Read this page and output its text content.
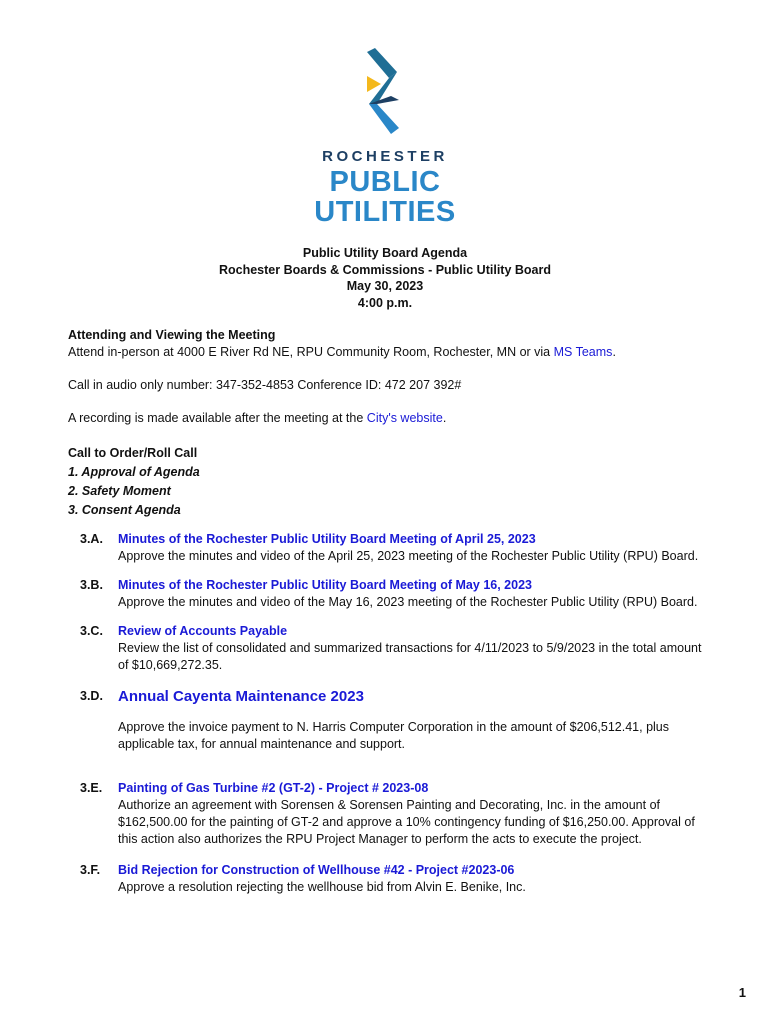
ROCHESTER
PUBLIC
UTILITIES
Public Utility Board Agenda
Rochester Boards & Commissions - Public Utility Board
May 30, 2023
4:00 p.m.

Attending and Viewing the Meeting

Attend in-person at 4000 E River Rd NE, RPU Community Room, Rochester, MN or via MS Teams.

Call in audio only number: 347-352-4853 Conference ID: 472 207 392#

A recording is made available after the meeting at the City's website.

Call to Order/Roll Call

1. Approval of Agenda
2. Safety Moment
3. Consent Agenda
3.A. Minutes of the Rochester Public Utility Board Meeting of April 25, 2023
Approve the minutes and video of the April 25, 2023 meeting of the Rochester Public Utility (RPU) Board.
3.B. Minutes of the Rochester Public Utility Board Meeting of May 16, 2023
Approve the minutes and video of the May 16, 2023 meeting of the Rochester Public Utility (RPU) Board.
3.C. Review of Accounts Payable
Review the list of consolidated and summarized transactions for 4/11/2023 to 5/9/2023 in the total amount of $10,669,272.35.
3.D. Annual Cayenta Maintenance 2023
Approve the invoice payment to N. Harris Computer Corporation in the amount of $206,512.41, plus applicable tax, for annual maintenance and support.
3.E. Painting of Gas Turbine #2 (GT-2) - Project # 2023-08
Authorize an agreement with Sorensen & Sorensen Painting and Decorating, Inc. in the amount of $162,500.00 for the painting of GT-2 and approve a 10% contingency funding of $16,250.00. Approval of this action also authorizes the RPU Project Manager to perform the acts to execute the project.
3.F. Bid Rejection for Construction of Wellhouse #42 - Project #2023-06
Approve a resolution rejecting the wellhouse bid from Alvin E. Benike, Inc.
1
